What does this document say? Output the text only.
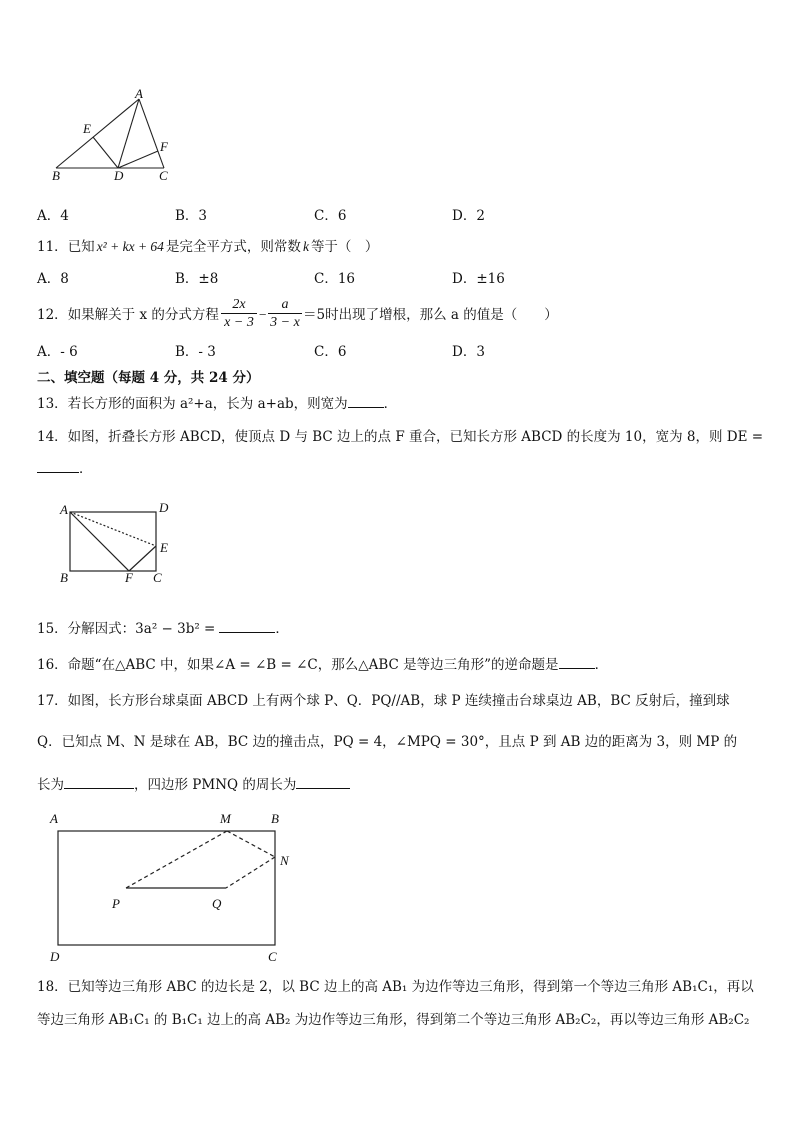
A
E
F
B	D	C
A．4	B．3	C．6	D．2
11．已知 x² + kx + 64 是完全平方式，则常数 k 等于（　）
A．8	B．±8	C．16	D．±16
12．如果解关于 x 的分式方程 $\frac{2x}{x - 3} - \frac{a}{3 - x} =5$时出现了增根，那么 a 的值是（　　）
A．- 6	B．- 3	C．6	D．3
二、填空题（每题 4 分，共 24 分）
13．若长方形的面积为 a²+a，长为 a+ab，则宽为	．
14．如图，折叠长方形 ABCD，使顶点 D 与 BC 边上的点 F 重合，已知长方形 ABCD 的长度为 10，宽为 8，则 DE =
．
A	D
E
B	F C
15．分解因式：3a² − 3b² =	．
16．命题“在△ABC 中，如果∠A = ∠B = ∠C，那么△ABC 是等边三角形”的逆命题是	．
17．如图，长方形台球桌面 ABCD 上有两个球 P、Q．PQ//AB，球 P 连续撞击台球桌边 AB，BC 反射后，撞到球
Q．已知点 M、N 是球在 AB，BC 边的撞击点，PQ = 4，∠MPQ = 30°，且点 P 到 AB 边的距离为 3，则 MP 的
长为	，四边形 PMNQ 的周长为
A	M	B
N
P	Q
D	C
18．已知等边三角形 ABC 的边长是 2，以 BC 边上的高 AB₁ 为边作等边三角形，得到第一个等边三角形 AB₁C₁，再以
等边三角形 AB₁C₁ 的 B₁C₁ 边上的高 AB₂ 为边作等边三角形，得到第二个等边三角形 AB₂C₂，再以等边三角形 AB₂C₂
